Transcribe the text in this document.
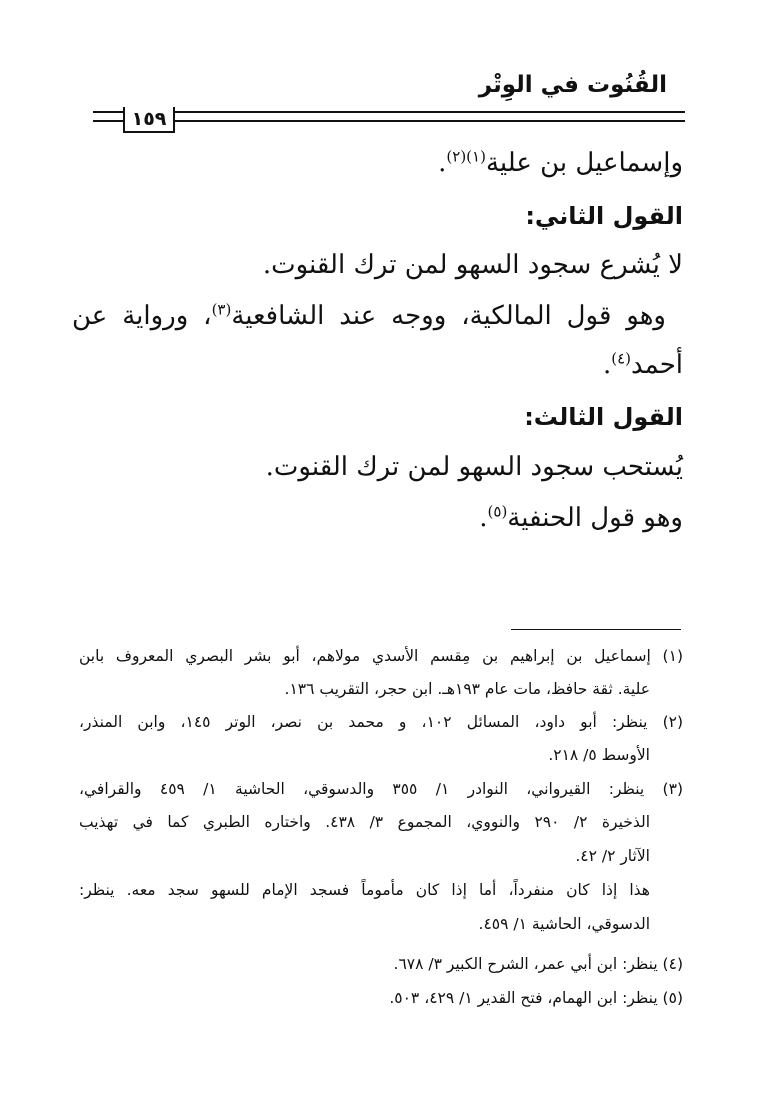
القُنُوت في الوِتْر
١٥٩
وإسماعيل بن علية$^{(١)(٢)}$.
القول الثاني:
لا يُشرع سجود السهو لمن ترك القنوت.
وهو قول المالكية، ووجه عند الشافعية$^{(٣)}$، ورواية عن
أحمد$^{(٤)}$.
القول الثالث:
يُستحب سجود السهو لمن ترك القنوت.
وهو قول الحنفية$^{(٥)}$.
(١) إسماعيل بن إبراهيم بن مِقسم الأسدي مولاهم، أبو بشر البصري المعروف بابن
علية. ثقة حافظ، مات عام ١٩٣هـ. ابن حجر، التقريب ١٣٦.
(٢) ينظر: أبو داود، المسائل ١٠٢، و محمد بن نصر، الوتر ١٤٥، وابن المنذر،
الأوسط ٥/ ٢١٨.
(٣) ينظر: القيرواني، النوادر ١/ ٣٥٥ والدسوقي، الحاشية ١/ ٤٥٩ والقرافي،
الذخيرة ٢/ ٢٩٠ والنووي، المجموع ٣/ ٤٣٨. واختاره الطبري كما في تهذيب
الآثار ٢/ ٤٢.
هذا إذا كان منفرداً، أما إذا كان مأموماً فسجد الإمام للسهو سجد معه. ينظر:
الدسوقي، الحاشية ١/ ٤٥٩.
(٤) ينظر: ابن أبي عمر، الشرح الكبير ٣/ ٦٧٨.
(٥) ينظر: ابن الهمام، فتح القدير ١/ ٤٢٩، ٥٠٣.
